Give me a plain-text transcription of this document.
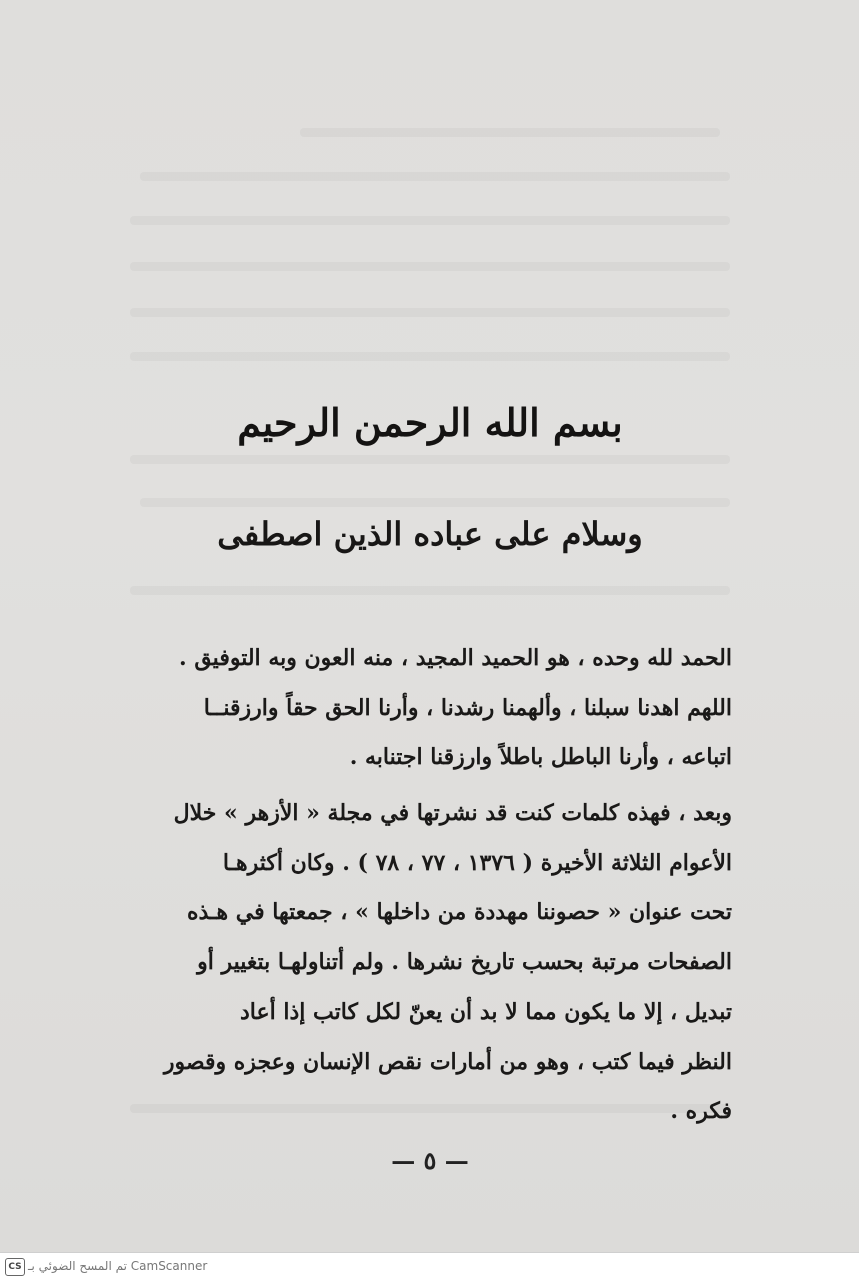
بسم الله الرحمن الرحيم
وسلام على عباده الذين اصطفى
الحمد لله وحده ، هو الحميد المجيد ، منه العون وبه التوفيق .
اللهم اهدنا سبلنا ، وألهمنا رشدنا ، وأرنا الحق حقاً وارزقنــا
اتباعه ، وأرنا الباطل باطلاً وارزقنا اجتنابه .
وبعد ، فهذه كلمات كنت قد نشرتها في مجلة « الأزهر » خلال
الأعوام الثلاثة الأخيرة ( ١٣٧٦ ، ٧٧ ، ٧٨ ) . وكان أكثرهـا
تحت عنوان « حصوننا مهددة من داخلها » ، جمعتها في هـذه
الصفحات مرتبة بحسب تاريخ نشرها . ولم أتناولهـا بتغيير أو
تبديل ، إلا ما يكون مما لا بد أن يعنّ لكل كاتب إذا أعاد
النظر فيما كتب ، وهو من أمارات نقص الإنسان وعجزه وقصور
فكره .
— ٥ —
CS تم المسح الضوئي بـ CamScanner
